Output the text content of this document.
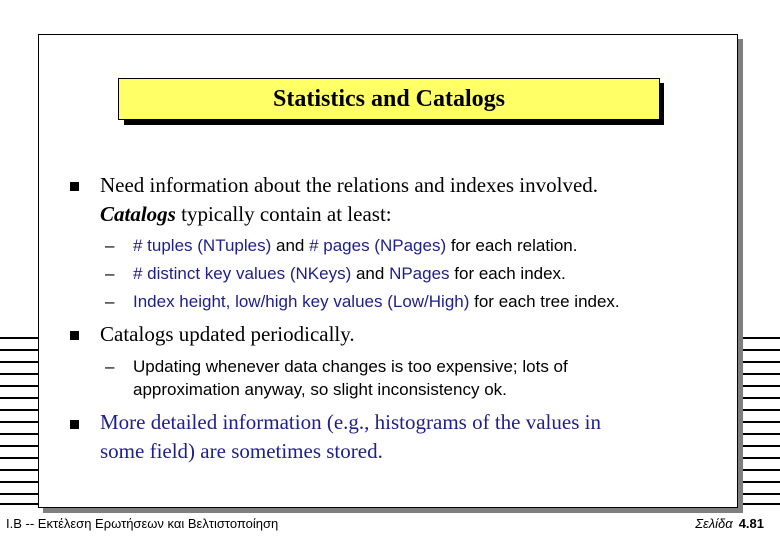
Statistics and Catalogs
Need information about the relations and indexes involved.
Catalogs typically contain at least:
– # tuples (NTuples) and # pages (NPages) for each relation.
– # distinct key values (NKeys) and NPages for each index.
– Index height, low/high key values (Low/High) for each tree index.
Catalogs updated periodically.
– Updating whenever data changes is too expensive; lots of
approximation anyway, so slight inconsistency ok.
More detailed information (e.g., histograms of the values in
some field) are sometimes stored.
I.B -- Εκτέλεση Ερωτήσεων και Βελτιστοποίηση	Σελίδα 4.81
